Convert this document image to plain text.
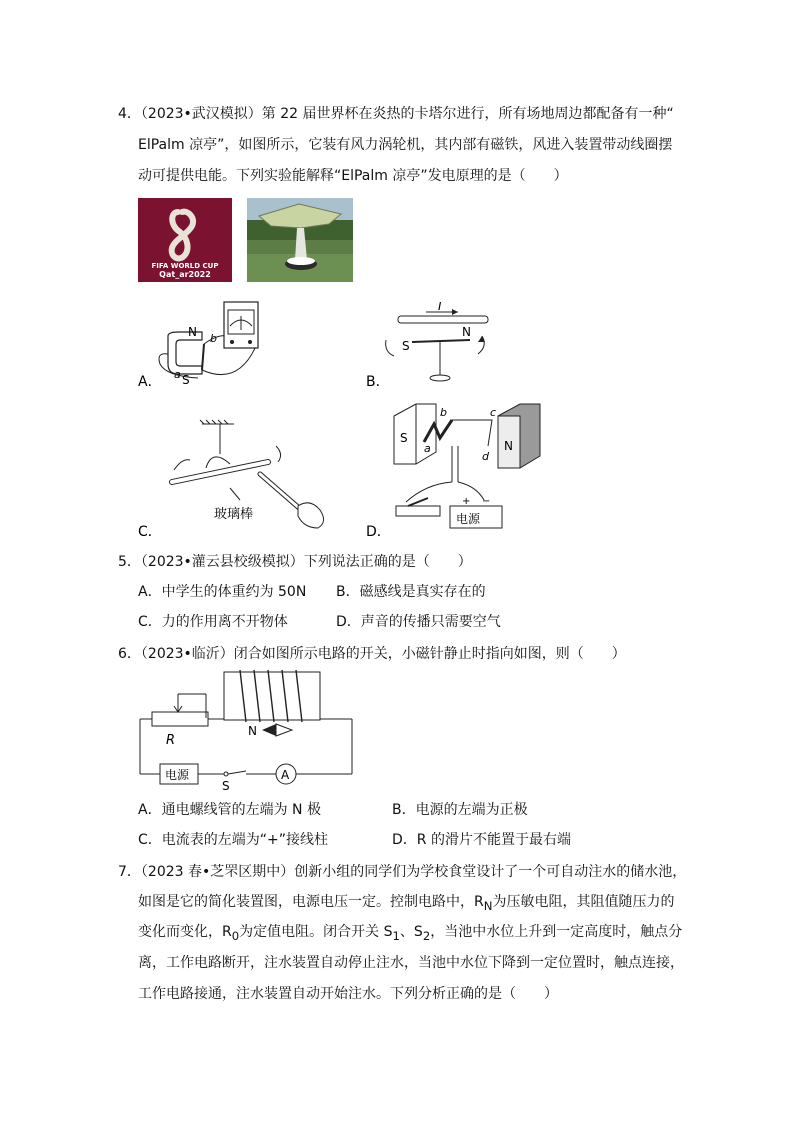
4．（2023•武汉模拟）第 22 届世界杯在炎热的卡塔尔进行，所有场地周边都配备有一种“
ElPalm 凉亭”，如图所示，它装有风力涡轮机，其内部有磁铁，风进入装置带动线圈摆
动可提供电能。下列实验能解释“ElPalm 凉亭”发电原理的是（　　）
FIFA WORLD CUP
Qat_ar2022
A．
N
S
a
b
B．
I
S
N
C．
玻璃棒
D．
S
N
a
b	c
d
+ −
电源
5．（2023•灌云县校级模拟）下列说法正确的是（　　）
A．中学生的体重约为 50N B．磁感线是真实存在的
C．力的作用离不开物体	D．声音的传播只需要空气
6．（2023•临沂）闭合如图所示电路的开关，小磁针静止时指向如图，则（　　）
R
电源
S
A
N
A．通电螺线管的左端为 N 极	B．电源的左端为正极
C．电流表的左端为“+”接线柱	D．R 的滑片不能置于最右端
7．（2023 春•芝罘区期中）创新小组的同学们为学校食堂设计了一个可自动注水的储水池，
如图是它的简化装置图，电源电压一定。控制电路中，$R_N$为压敏电阻，其阻值随压力的
变化而变化，$R_0$为定值电阻。闭合开关 $S_1$、$S_2$，当池中水位上升到一定高度时，触点分
离，工作电路断开，注水装置自动停止注水，当池中水位下降到一定位置时，触点连接，
工作电路接通，注水装置自动开始注水。下列分析正确的是（　　）
